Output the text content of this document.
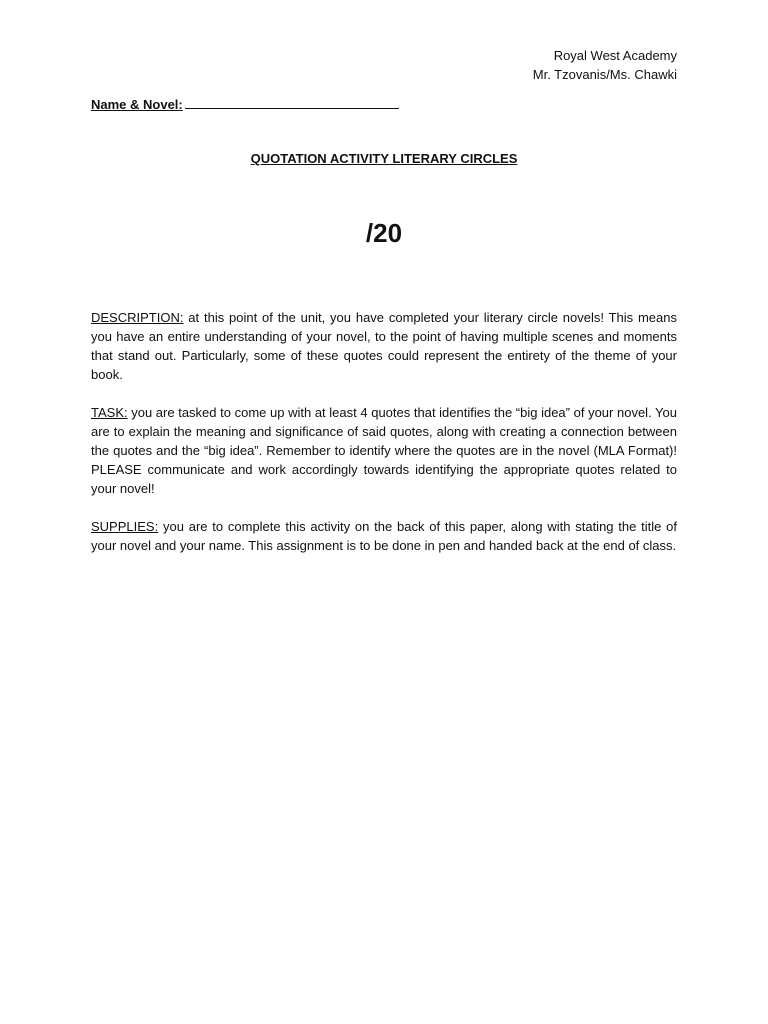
Royal West Academy
Mr. Tzovanis/Ms. Chawki
Name & Novel:
QUOTATION ACTIVITY LITERARY CIRCLES
/20

DESCRIPTION: at this point of the unit, you have completed your literary circle novels! This means you have an entire understanding of your novel, to the point of having multiple scenes and moments that stand out. Particularly, some of these quotes could represent the entirety of the theme of your book.

TASK: you are tasked to come up with at least 4 quotes that identifies the “big idea” of your novel. You are to explain the meaning and significance of said quotes, along with creating a connection between the quotes and the “big idea”. Remember to identify where the quotes are in the novel (MLA Format)! PLEASE communicate and work accordingly towards identifying the appropriate quotes related to your novel!

SUPPLIES: you are to complete this activity on the back of this paper, along with stating the title of your novel and your name. This assignment is to be done in pen and handed back at the end of class.
